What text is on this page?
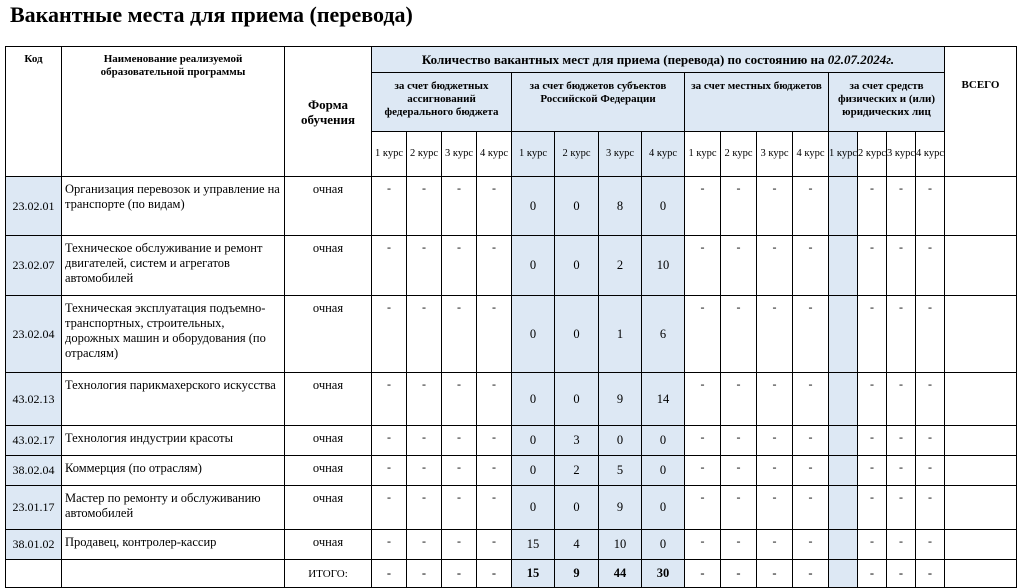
Вакантные места для приема (перевода)
Код	Наименование реализуемой образовательной программы	Форма обучения	Количество вакантных мест для приема (перевода) по состоянию на 02.07.2024г.																ВСЕГО
			за счет бюджетных ассигнований федерального бюджета				за счет бюджетов субъектов Российской Федерации				за счет местных бюджетов				за счет средств физических и (или) юридических лиц				
			1 курс	2 курс	3 курс	4 курс	1 курс	2 курс	3 курс	4 курс	1 курс	2 курс	3 курс	4 курс	1 курс	2 курс	3 курс	4 курс	
23.02.01	Организация перевозок и управление на транспорте (по видам)	очная	-	-	-	-	0	0	8	0	-	-	-	-		-	-	-	
23.02.07	Техническое обслуживание и ремонт двигателей, систем и агрегатов автомобилей	очная	-	-	-	-	0	0	2	10	-	-	-	-		-	-	-	
23.02.04	Техническая эксплуатация подъемно-транспортных, строительных, дорожных машин и оборудования (по отраслям)	очная	-	-	-	-	0	0	1	6	-	-	-	-		-	-	-	
43.02.13	Технология парикмахерского искусства	очная	-	-	-	-	0	0	9	14	-	-	-	-		-	-	-	
43.02.17	Технология индустрии красоты	очная	-	-	-	-	0	3	0	0	-	-	-	-		-	-	-	
38.02.04	Коммерция (по отраслям)	очная	-	-	-	-	0	2	5	0	-	-	-	-		-	-	-	
23.01.17	Мастер по ремонту и обслуживанию автомобилей	очная	-	-	-	-	0	0	9	0	-	-	-	-		-	-	-	
38.01.02	Продавец, контролер-кассир	очная	-	-	-	-	15	4	10	0	-	-	-	-		-	-	-	
		ИТОГО:	-	-	-	-	15	9	44	30	-	-	-	-		-	-	-	
